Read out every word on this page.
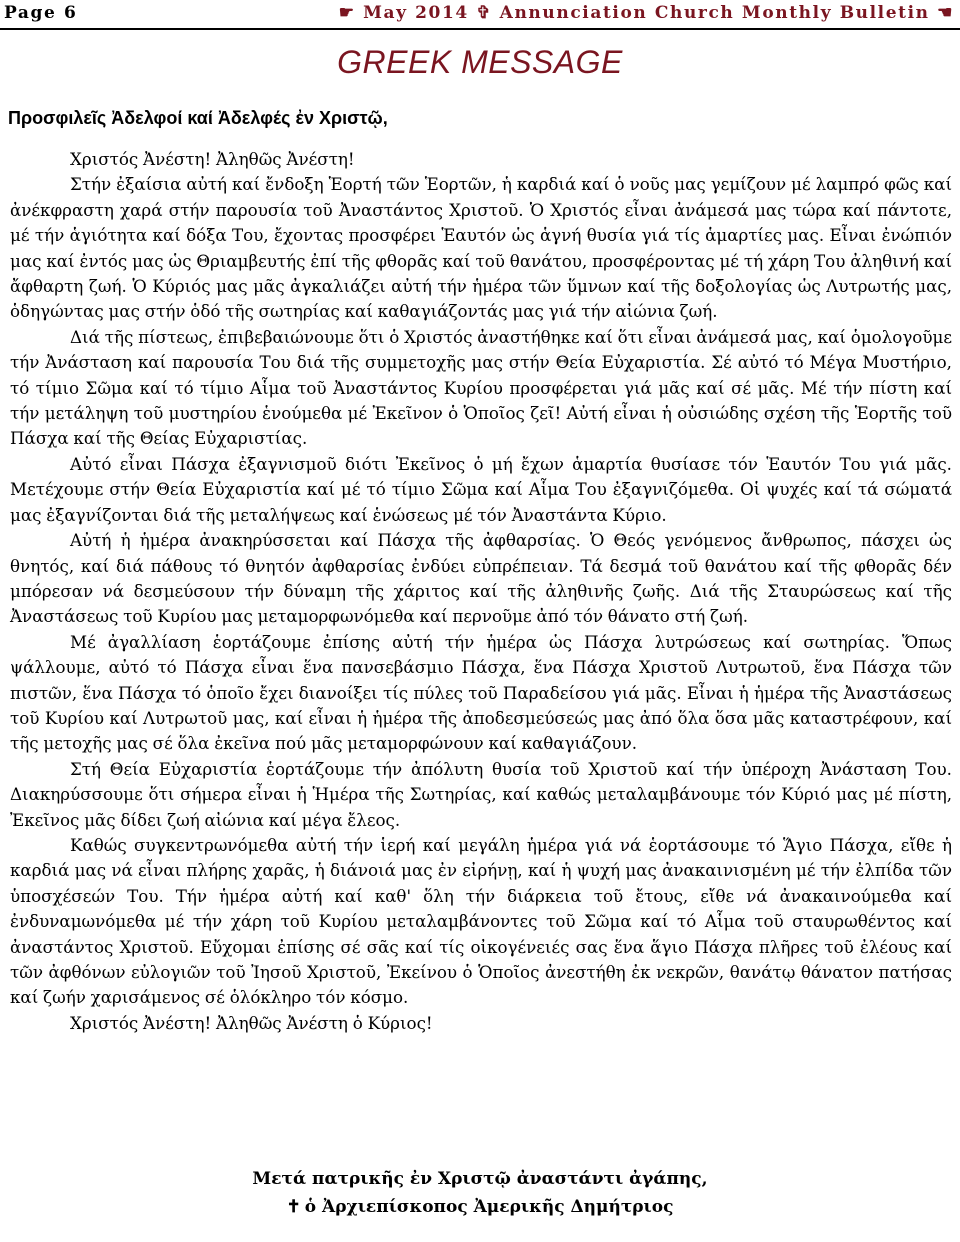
Page 6	☛ May 2014 ✞ Annunciation Church Monthly Bulletin ☚
GREEK MESSAGE
Προσφιλεῖς Ἀδελφοί καί Ἀδελφές ἐν Χριστῷ,

Χριστός Ἀνέστη! Ἀληθῶς Ἀνέστη!

Στήν ἐξαίσια αὐτή καί ἔνδοξη Ἑορτή τῶν Ἑορτῶν, ἡ καρδιά καί ὁ νοῦς μας γεμίζουν μέ λαμπρό φῶς καί ἀνέκφραστη χαρά στήν παρουσία τοῦ Ἀναστάντος Χριστοῦ. Ὁ Χριστός εἶναι ἀνάμεσά μας τώρα καί πάντοτε, μέ τήν ἁγιότητα καί δόξα Του, ἔχοντας προσφέρει Ἑαυτόν ὡς ἁγνή θυσία γιά τίς ἁμαρτίες μας. Εἶναι ἐνώπιόν μας καί ἐντός μας ὡς Θριαμβευτής ἐπί τῆς φθορᾶς καί τοῦ θανάτου, προσφέροντας μέ τή χάρη Του ἀληθινή καί ἄφθαρτη ζωή. Ὁ Κύριός μας μᾶς ἀγκαλιάζει αὐτή τήν ἡμέρα τῶν ὕμνων καί τῆς δοξολογίας ὡς Λυτρωτής μας, ὁδηγώντας μας στήν ὁδό τῆς σωτηρίας καί καθαγιάζοντάς μας γιά τήν αἰώνια ζωή.

Διά τῆς πίστεως, ἐπιβεβαιώνουμε ὅτι ὁ Χριστός ἀναστήθηκε καί ὅτι εἶναι ἀνάμεσά μας, καί ὁμολογοῦμε τήν Ἀνάσταση καί παρουσία Του διά τῆς συμμετοχῆς μας στήν Θεία Εὐχαριστία. Σέ αὐτό τό Μέγα Μυστήριο, τό τίμιο Σῶμα καί τό τίμιο Αἷμα τοῦ Ἀναστάντος Κυρίου προσφέρεται γιά μᾶς καί σέ μᾶς. Μέ τήν πίστη καί τήν μετάληψη τοῦ μυστηρίου ἑνούμεθα μέ Ἐκεῖνον ὁ Ὁποῖος ζεῖ! Αὐτή εἶναι ἡ οὐσιώδης σχέση τῆς Ἑορτῆς τοῦ Πάσχα καί τῆς Θείας Εὐχαριστίας.

Αὐτό εἶναι Πάσχα ἐξαγνισμοῦ διότι Ἐκεῖνος ὁ μή ἔχων ἁμαρτία θυσίασε τόν Ἑαυτόν Του γιά μᾶς. Μετέχουμε στήν Θεία Εὐχαριστία καί μέ τό τίμιο Σῶμα καί Αἷμα Του ἐξαγνιζόμεθα. Οἱ ψυχές καί τά σώματά μας ἐξαγνίζονται διά τῆς μεταλήψεως καί ἑνώσεως μέ τόν Ἀναστάντα Κύριο.

Αὐτή ἡ ἡμέρα ἀνακηρύσσεται καί Πάσχα τῆς ἀφθαρσίας. Ὁ Θεός γενόμενος ἄνθρωπος, πάσχει ὡς θνητός, καί διά πάθους τό θνητόν ἀφθαρσίας ἐνδύει εὐπρέπειαν. Τά δεσμά τοῦ θανάτου καί τῆς φθορᾶς δέν μπόρεσαν νά δεσμεύσουν τήν δύναμη τῆς χάριτος καί τῆς ἀληθινῆς ζωῆς. Διά τῆς Σταυρώσεως καί τῆς Ἀναστάσεως τοῦ Κυρίου μας μεταμορφωνόμεθα καί περνοῦμε ἀπό τόν θάνατο στή ζωή.

Μέ ἀγαλλίαση ἑορτάζουμε ἐπίσης αὐτή τήν ἡμέρα ὡς Πάσχα λυτρώσεως καί σωτηρίας. Ὅπως ψάλλουμε, αὐτό τό Πάσχα εἶναι ἕνα πανσεβάσμιο Πάσχα, ἕνα Πάσχα Χριστοῦ Λυτρωτοῦ, ἕνα Πάσχα τῶν πιστῶν, ἕνα Πάσχα τό ὁποῖο ἔχει διανοίξει τίς πύλες τοῦ Παραδείσου γιά μᾶς. Εἶναι ἡ ἡμέρα τῆς Ἀναστάσεως τοῦ Κυρίου καί Λυτρωτοῦ μας, καί εἶναι ἡ ἡμέρα τῆς ἀποδεσμεύσεώς μας ἀπό ὅλα ὅσα μᾶς καταστρέφουν, καί τῆς μετοχῆς μας σέ ὅλα ἐκεῖνα πού μᾶς μεταμορφώνουν καί καθαγιάζουν.

Στή Θεία Εὐχαριστία ἑορτάζουμε τήν ἀπόλυτη θυσία τοῦ Χριστοῦ καί τήν ὑπέροχη Ἀνάσταση Του. Διακηρύσσουμε ὅτι σήμερα εἶναι ἡ Ἡμέρα τῆς Σωτηρίας, καί καθώς μεταλαμβάνουμε τόν Κύριό μας μέ πίστη, Ἐκεῖνος μᾶς δίδει ζωή αἰώνια καί μέγα ἔλεος.

Καθώς συγκεντρωνόμεθα αὐτή τήν ἱερή καί μεγάλη ἡμέρα γιά νά ἑορτάσουμε τό Ἅγιο Πάσχα, εἴθε ἡ καρδιά μας νά εἶναι πλήρης χαρᾶς, ἡ διάνοιά μας ἐν εἰρήνῃ, καί ἡ ψυχή μας ἀνακαινισμένη μέ τήν ἐλπίδα τῶν ὑποσχέσεών Του. Τήν ἡμέρα αὐτή καί καθ' ὅλη τήν διάρκεια τοῦ ἔτους, εἴθε νά ἀνακαινούμεθα καί ἐνδυναμωνόμεθα μέ τήν χάρη τοῦ Κυρίου μεταλαμβάνοντες τοῦ Σῶμα καί τό Αἷμα τοῦ σταυρωθέντος καί ἀναστάντος Χριστοῦ. Εὔχομαι ἐπίσης σέ σᾶς καί τίς οἰκογένειές σας ἕνα ἅγιο Πάσχα πλῆρες τοῦ ἐλέους καί τῶν ἀφθόνων εὐλογιῶν τοῦ Ἰησοῦ Χριστοῦ, Ἐκείνου ὁ Ὁποῖος ἀνεστήθη ἐκ νεκρῶν, θανάτῳ θάνατον πατήσας καί ζωήν χαρισάμενος σέ ὁλόκληρο τόν κόσμο.

Χριστός Ἀνέστη! Ἀληθῶς Ἀνέστη ὁ Κύριος!

Μετά πατρικῆς ἐν Χριστῷ ἀναστάντι ἀγάπης,
✝ ὁ Ἀρχιεπίσκοπος Ἀμερικῆς Δημήτριος
